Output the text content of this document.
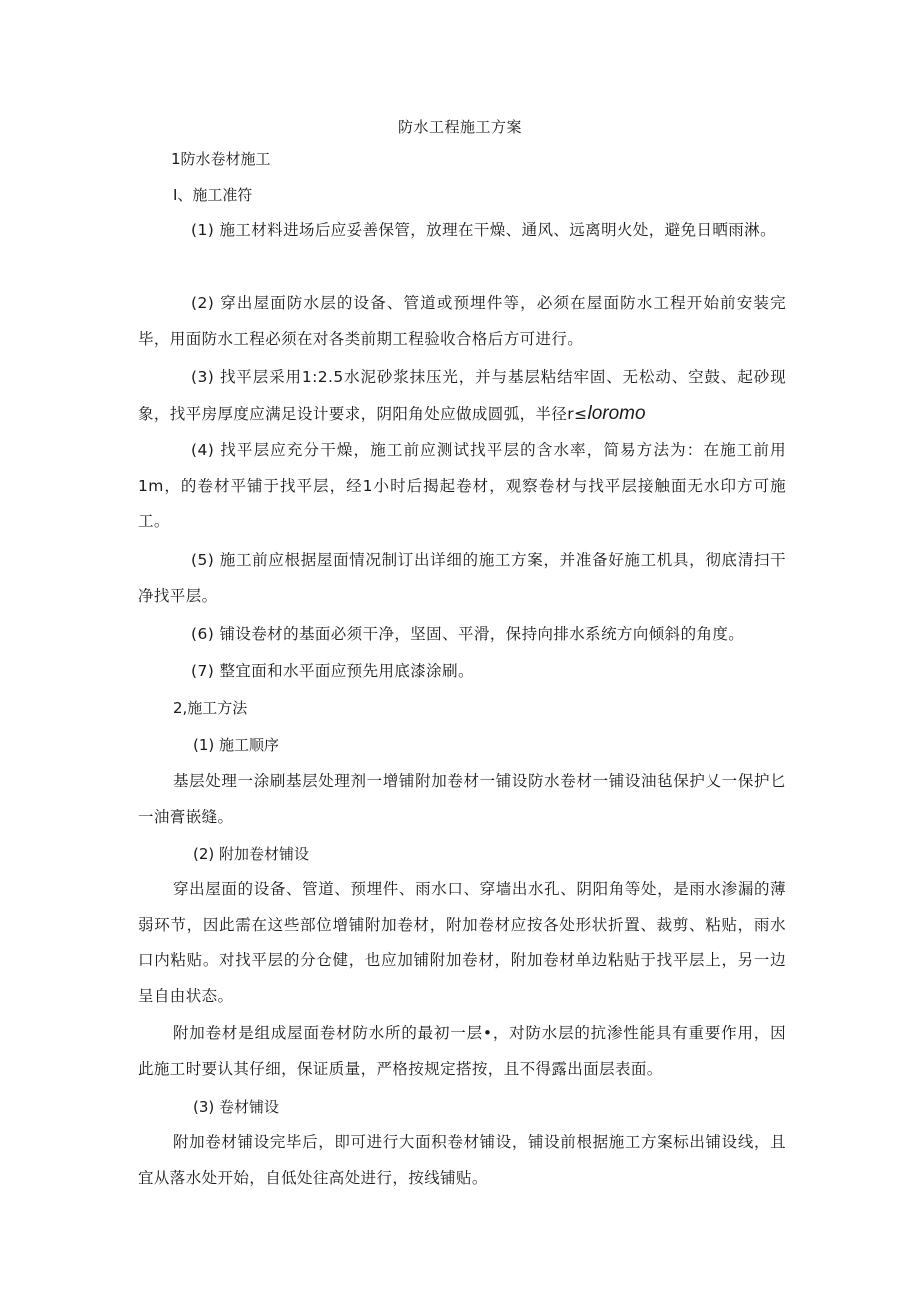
防水工程施工方案
1防水卷材施工
I、施工准符
(1) 施工材料进场后应妥善保管，放理在干燥、通风、远离明火处，避免日晒雨淋。
(2) 穿出屋面防水层的设备、管道或预埋件等，必须在屋面防水工程开始前安装完毕，用面防水工程必须在对各类前期工程验收合格后方可进行。
(3) 找平层采用1:2.5水泥砂浆抹压光，并与基层粘结牢固、无松动、空鼓、起砂现象，找平房厚度应满足设计要求，阴阳角处应做成圆弧，半径r≤loromo
(4) 找平层应充分干燥，施工前应测试找平层的含水率，简易方法为：在施工前用1m，的卷材平铺于找平层，经1小时后揭起卷材，观察卷材与找平层接触面无水印方可施工。
(5) 施工前应根据屋面情况制订出详细的施工方案，并准备好施工机具，彻底清扫干净找平层。
(6) 铺设卷材的基面必须干净，坚固、平滑，保持向排水系统方向倾斜的角度。
(7) 整宜面和水平面应预先用底漆涂刷。
2,施工方法
(1) 施工顺序
基层处理一涂刷基层处理剂一增铺附加卷材一铺设防水卷材一铺设油毡保护乂一保护匕一油膏嵌缝。
(2) 附加卷材铺设
穿出屋面的设备、管道、预埋件、雨水口、穿墙出水孔、阴阳角等处，是雨水渗漏的薄弱环节，因此需在这些部位增铺附加卷材，附加卷材应按各处形状折置、裁剪、粘贴，雨水口内粘贴。对找平层的分仓健，也应加铺附加卷材，附加卷材单边粘贴于找平层上，另一边呈自由状态。
附加卷材是组成屋面卷材防水所的最初一层•，对防水层的抗渗性能具有重要作用，因此施工时要认其仔细，保证质量，严格按规定搭按，且不得露出面层表面。
(3) 卷材铺设
附加卷材铺设完毕后，即可进行大面积卷材铺设，铺设前根据施工方案标出铺设线，且宜从落水处开始，自低处往高处进行，按线铺贴。
